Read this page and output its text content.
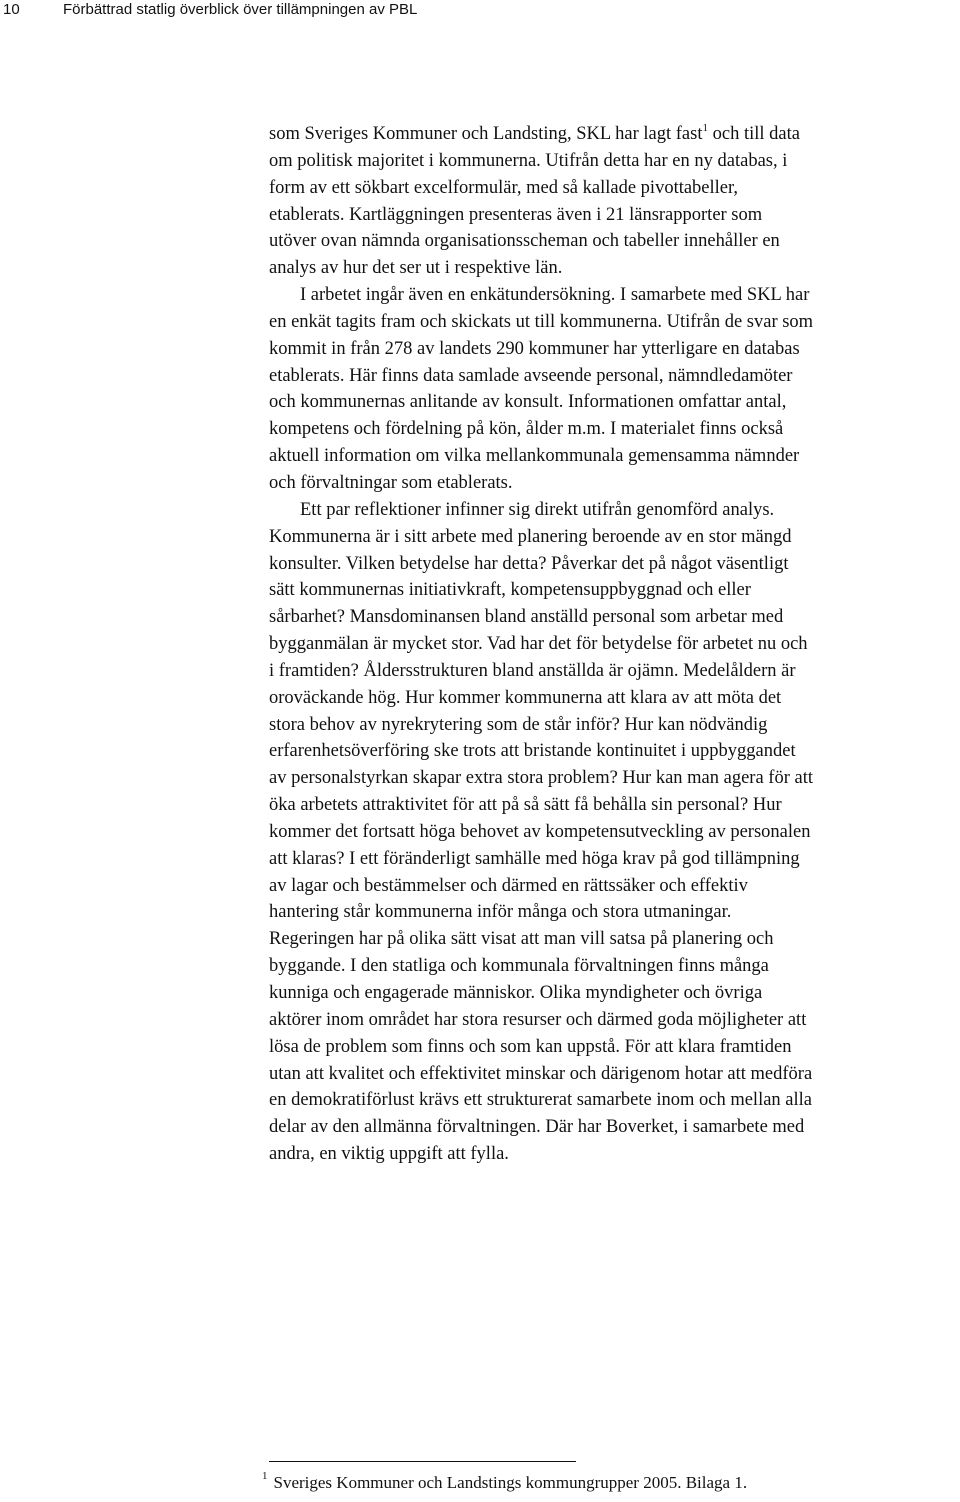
10	Förbättrad statlig överblick över tillämpningen av PBL
som Sveriges Kommuner och Landsting, SKL har lagt fast$^1$ och till data
om politisk majoritet i kommunerna. Utifrån detta har en ny databas, i
form av ett sökbart excelformulär, med så kallade pivottabeller,
etablerats. Kartläggningen presenteras även i 21 länsrapporter som
utöver ovan nämnda organisationsscheman och tabeller innehåller en
analys av hur det ser ut i respektive län.
I arbetet ingår även en enkätundersökning. I samarbete med SKL har
en enkät tagits fram och skickats ut till kommunerna. Utifrån de svar som
kommit in från 278 av landets 290 kommuner har ytterligare en databas
etablerats. Här finns data samlade avseende personal, nämndledamöter
och kommunernas anlitande av konsult. Informationen omfattar antal,
kompetens och fördelning på kön, ålder m.m. I materialet finns också
aktuell information om vilka mellankommunala gemensamma nämnder
och förvaltningar som etablerats.
Ett par reflektioner infinner sig direkt utifrån genomförd analys.
Kommunerna är i sitt arbete med planering beroende av en stor mängd
konsulter. Vilken betydelse har detta? Påverkar det på något väsentligt
sätt kommunernas initiativkraft, kompetensuppbyggnad och eller
sårbarhet? Mansdominansen bland anställd personal som arbetar med
bygganmälan är mycket stor. Vad har det för betydelse för arbetet nu och
i framtiden? Åldersstrukturen bland anställda är ojämn. Medelåldern är
oroväckande hög. Hur kommer kommunerna att klara av att möta det
stora behov av nyrekrytering som de står inför? Hur kan nödvändig
erfarenhetsöverföring ske trots att bristande kontinuitet i uppbyggandet
av personalstyrkan skapar extra stora problem? Hur kan man agera för att
öka arbetets attraktivitet för att på så sätt få behålla sin personal? Hur
kommer det fortsatt höga behovet av kompetensutveckling av personalen
att klaras? I ett föränderligt samhälle med höga krav på god tillämpning
av lagar och bestämmelser och därmed en rättssäker och effektiv
hantering står kommunerna inför många och stora utmaningar.
Regeringen har på olika sätt visat att man vill satsa på planering och
byggande. I den statliga och kommunala förvaltningen finns många
kunniga och engagerade människor. Olika myndigheter och övriga
aktörer inom området har stora resurser och därmed goda möjligheter att
lösa de problem som finns och som kan uppstå. För att klara framtiden
utan att kvalitet och effektivitet minskar och därigenom hotar att medföra
en demokratiförlust krävs ett strukturerat samarbete inom och mellan alla
delar av den allmänna förvaltningen. Där har Boverket, i samarbete med
andra, en viktig uppgift att fylla.
$^1$ Sveriges Kommuner och Landstings kommungrupper 2005. Bilaga 1.
